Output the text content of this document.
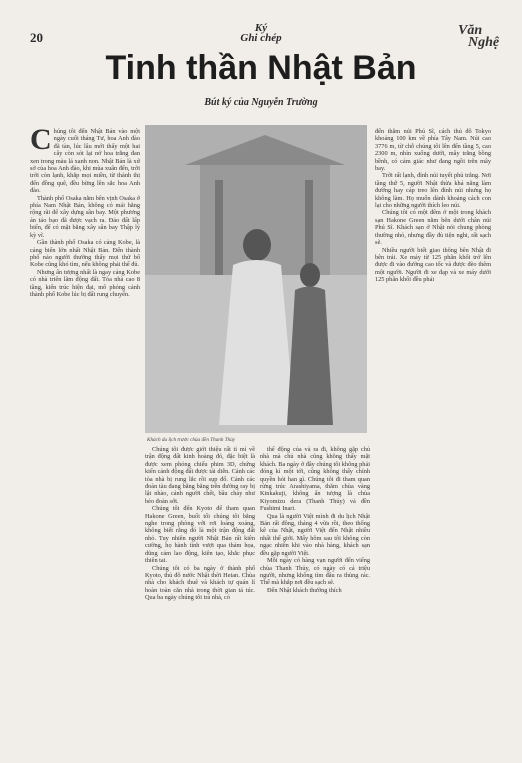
20
Ký
Ghi chép	Văn
Nghệ
Tinh thần Nhật Bản
Bút ký của Nguyễn Trường

Chúng tôi đến Nhật Bản vào một ngày cuối tháng Tư, hoa Anh đào đã tàn, lúc lâu mới thấy một hai cây còn sót lại nở hoa trắng đan xen trong màu lá xanh non. Nhật Bản là xứ sở của hoa Anh đào, khi mùa xuân đến, trời trời còn lạnh, khắp mọi miền, từ thành thị đến đồng quê, đều bừng lên sắc hoa Anh đào.

Thành phố Osaka nằm bên vịnh Osaka ở phía Nam Nhật Bản, không có mái hằng rộng rãi để xây dựng sân bay. Một phương án táo bạo đã được vạch ra. Đảo đất lấp biển, để có mặt bằng xây sân bay Thập lý kỳ vĩ.

Gần thành phố Osaka có cảng Kobe, là cảng biển lớn nhất Nhật Bản. Đến thành phố nào người thường thấy mọi thứ bố Kobe cũng khó tìm, nếu không phải thế đủ.

Nhưng ấn tượng nhất là ngay cảng Kobe có nhà triển lãm động đất. Tòa nhà cao 8 tầng, kiến trúc hiện đại, mô phỏng cảnh thành phố Kobe lúc bị đất rung chuyển.

Khách du lịch trước chùa đền Thanh Thủy

Chúng tôi được giới thiệu rất tỉ mỉ về trận động đất kinh hoàng đó, đặc biệt là được xem phóng chiếu phim 3D, chứng kiến cảnh động đất được tái diễn. Cảnh các tòa nhà bị rung lắc rồi sụp đổ. Cảnh các đoàn tàu đang băng băng trên đường ray bị lật nhào, cảnh người chết, bầu chảy như bẻo đoàn sớt.

Chúng tôi đến Kyoto để tham quan Hakone Green, buổi tối chúng tôi bằng nghe trong phòng với rơi loảng xoảng, không biết rằng đó là một trận động đất nhỏ. Tuy nhiên người Nhật Bản rất kiên cường, họ hành tình vượt qua thảm họa, dũng cảm lao động, kiên tạo, khắc phục thiên tai.

Chúng tôi có ba ngày ở thành phố Kyoto, thủ đô nước Nhật thời Heian. Chùa nhà cho khách thuê và khách tự quán lí hoàn toàn căn nhà trong thời gian tá túc. Qua ba ngày chúng tôi trả nhà, có

thể động của và ra đi, không gặp chủ nhà mà chủ nhà cũng không thấy mặt khách. Ba ngày ở đây chúng tôi không phải đóng kí một tới, cũng không thấy chính quyền hỏi han gì. Chúng tôi đi tham quan rừng trúc Arashiyama, thăm chùa vàng Kinkakuji, không ấn tượng là chùa Kiyomizu dera (Thanh Thủy) và đền Fushimi Inari.

Qua là người Việt mình đi du lịch Nhật Bản rất đông, tháng 4 vừa rồi, theo thống kê của Nhật, người Việt đến Nhật nhiều nhất thế giới. Mấy hôm sau tôi không còn ngạc nhiên khi vào nhà hàng, khách sạn đều gặp người Việt.

Mỗi ngày có hàng vạn người đến viếng chùa Thanh Thủy, có ngày có cả triệu người, nhưng không tìm đâu ra thùng rác. Thế mà khắp nơi đều sạch sẽ.

Đến Nhật khách thường thích

đến thăm núi Phú Sĩ, cách thủ đô Tokyo khoảng 100 km về phía Tây Nam. Núi cao 3776 m, từ chỗ chúng tôi lên đến tầng 5, cao 2300 m, nhìn xuống dưới, mây trắng bồng bềnh, có cảm giác như đang ngồi trên mây bay.

Trời rất lạnh, đỉnh núi tuyết phủ trắng. Nơi tầng thứ 5, người Nhật thừa khả năng làm đường hay cáp treo lên đỉnh núi nhưng họ không làm. Họ muốn dành khoảng cách con lại cho những người thích leo núi.

Chúng tôi có một đêm ở một trong khách sạn Hakone Green nằm bên dưới chân núi Phú Sĩ. Khách sạn ở Nhật nói chung phòng thường nhỏ, nhưng đầy đủ tiện nghi, rất sạch sẽ.

Nhiều người biết giao thông bên Nhật đi bên trái. Xe máy từ 125 phân khối trở lên được đi vào đường cao tốc và được đèo thêm một người. Người đi xe đạp và xe máy dưới 125 phân khối đều phải
